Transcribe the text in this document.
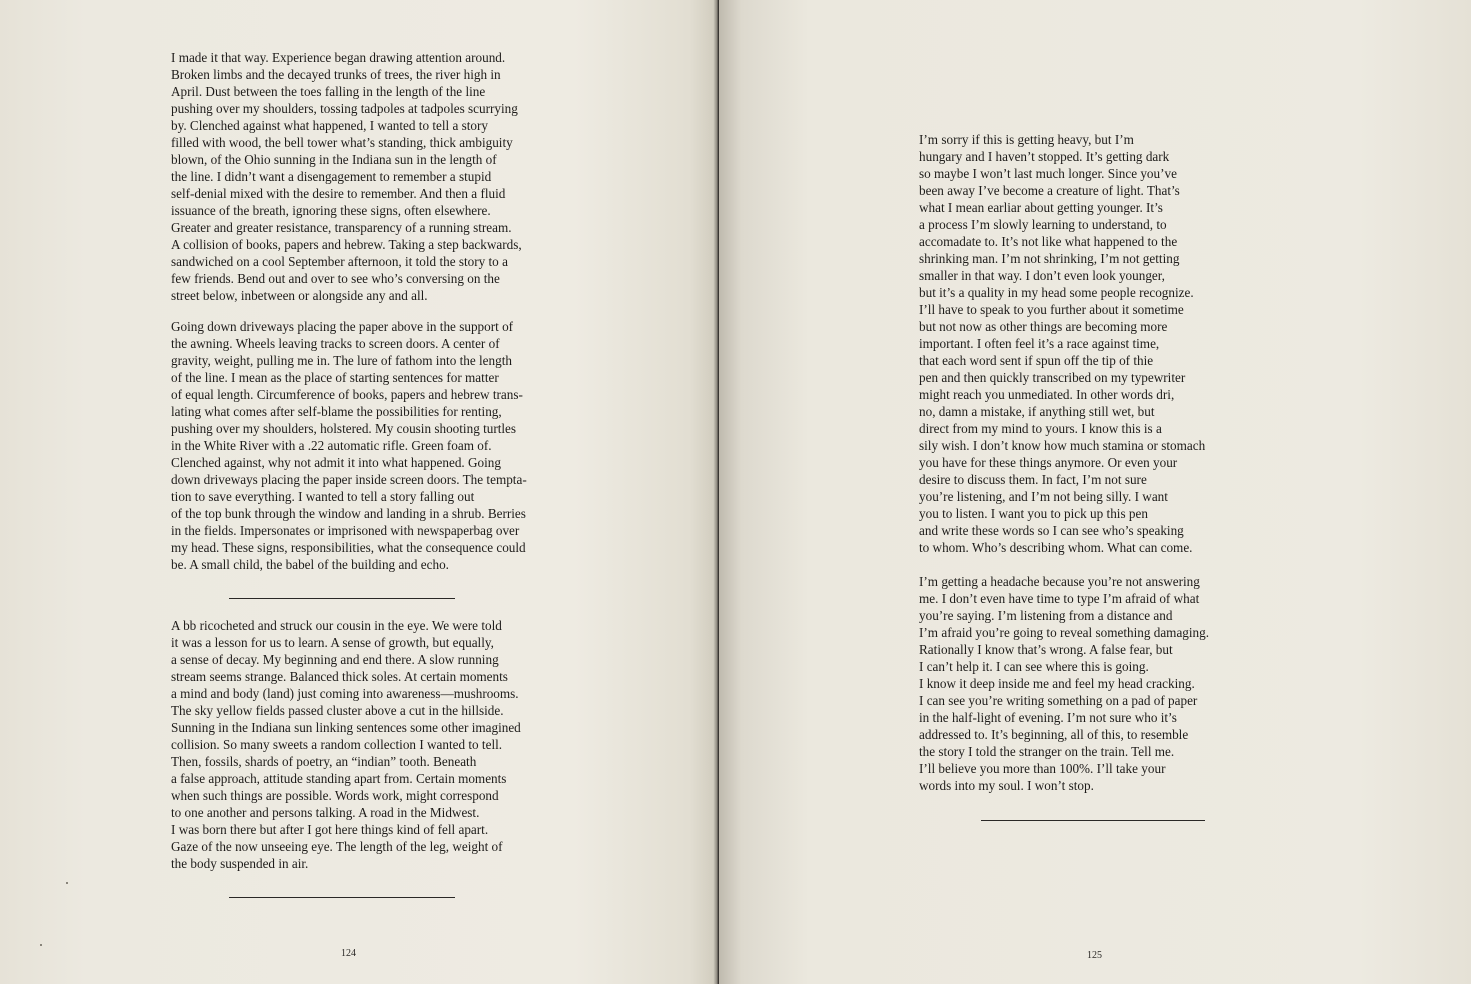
I made it that way. Experience began drawing attention around.
Broken limbs and the decayed trunks of trees, the river high in
April. Dust between the toes falling in the length of the line
pushing over my shoulders, tossing tadpoles at tadpoles scurrying
by. Clenched against what happened, I wanted to tell a story
filled with wood, the bell tower what’s standing, thick ambiguity
blown, of the Ohio sunning in the Indiana sun in the length of
the line. I didn’t want a disengagement to remember a stupid
self-denial mixed with the desire to remember. And then a fluid
issuance of the breath, ignoring these signs, often elsewhere.
Greater and greater resistance, transparency of a running stream.
A collision of books, papers and hebrew. Taking a step backwards,
sandwiched on a cool September afternoon, it told the story to a
few friends. Bend out and over to see who’s conversing on the
street below, inbetween or alongside any and all.
Going down driveways placing the paper above in the support of
the awning. Wheels leaving tracks to screen doors. A center of
gravity, weight, pulling me in. The lure of fathom into the length
of the line. I mean as the place of starting sentences for matter
of equal length. Circumference of books, papers and hebrew trans-
lating what comes after self-blame the possibilities for renting,
pushing over my shoulders, holstered. My cousin shooting turtles
in the White River with a .22 automatic rifle. Green foam of.
Clenched against, why not admit it into what happened. Going
down driveways placing the paper inside screen doors. The tempta-
tion to save everything. I wanted to tell a story falling out
of the top bunk through the window and landing in a shrub. Berries
in the fields. Impersonates or imprisoned with newspaperbag over
my head. These signs, responsibilities, what the consequence could
be. A small child, the babel of the building and echo.
A bb ricocheted and struck our cousin in the eye. We were told
it was a lesson for us to learn. A sense of growth, but equally,
a sense of decay. My beginning and end there. A slow running
stream seems strange. Balanced thick soles. At certain moments
a mind and body (land) just coming into awareness—mushrooms.
The sky yellow fields passed cluster above a cut in the hillside.
Sunning in the Indiana sun linking sentences some other imagined
collision. So many sweets a random collection I wanted to tell.
Then, fossils, shards of poetry, an “indian” tooth. Beneath
a false approach, attitude standing apart from. Certain moments
when such things are possible. Words work, might correspond
to one another and persons talking. A road in the Midwest.
I was born there but after I got here things kind of fell apart.
Gaze of the now unseeing eye. The length of the leg, weight of
the body suspended in air.
124
I’m sorry if this is getting heavy, but I’m
hungary and I haven’t stopped. It’s getting dark
so maybe I won’t last much longer. Since you’ve
been away I’ve become a creature of light. That’s
what I mean earliar about getting younger. It’s
a process I’m slowly learning to understand, to
accomadate to. It’s not like what happened to the
shrinking man. I’m not shrinking, I’m not getting
smaller in that way. I don’t even look younger,
but it’s a quality in my head some people recognize.
I’ll have to speak to you further about it sometime
but not now as other things are becoming more
important. I often feel it’s a race against time,
that each word sent if spun off the tip of thie
pen and then quickly transcribed on my typewriter
might reach you unmediated. In other words dri,
no, damn a mistake, if anything still wet, but
direct from my mind to yours. I know this is a
sily wish. I don’t know how much stamina or stomach
you have for these things anymore. Or even your
desire to discuss them. In fact, I’m not sure
you’re listening, and I’m not being silly. I want
you to listen. I want you to pick up this pen
and write these words so I can see who’s speaking
to whom. Who’s describing whom. What can come.
I’m getting a headache because you’re not answering
me. I don’t even have time to type I’m afraid of what
you’re saying. I’m listening from a distance and
I’m afraid you’re going to reveal something damaging.
Rationally I know that’s wrong. A false fear, but
I can’t help it. I can see where this is going.
I know it deep inside me and feel my head cracking.
I can see you’re writing something on a pad of paper
in the half-light of evening. I’m not sure who it’s
addressed to. It’s beginning, all of this, to resemble
the story I told the stranger on the train. Tell me.
I’ll believe you more than 100%. I’ll take your
words into my soul. I won’t stop.
125
